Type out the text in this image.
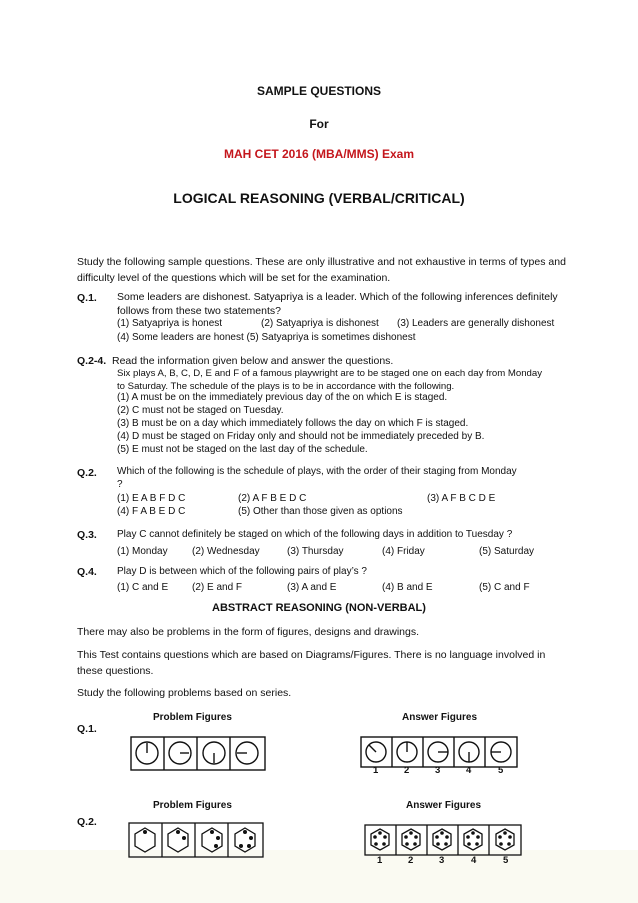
SAMPLE QUESTIONS
For
MAH CET 2016 (MBA/MMS) Exam
LOGICAL REASONING (VERBAL/CRITICAL)
Study the following sample questions. These are only illustrative and not exhaustive in terms of types and difficulty level of the questions which will be set for the examination.
Q.1. Some leaders are dishonest. Satyapriya is a leader. Which of the following inferences definitely follows from these two statements?
(1) Satyapriya is honest	(2) Satyapriya is dishonest (3) Leaders are generally dishonest
(4) Some leaders are honest (5) Satyapriya is sometimes dishonest
Q.2-4. Read the information given below and answer the questions.
Six plays A, B, C, D, E and F of a famous playwright are to be staged one on each day from Monday to Saturday. The schedule of the plays is to be in accordance with the following.
(1) A must be on the immediately previous day of the on which E is staged.
(2) C must not be staged on Tuesday.
(3) B must be on a day which immediately follows the day on which F is staged.
(4) D must be staged on Friday only and should not be immediately preceded by B.
(5) E must not be staged on the last day of the schedule.
Q.2. Which of the following is the schedule of plays, with the order of their staging from Monday ?
(1) E A B F D C	(2) A F B E D C	(3) A F B C D E
(4) F A B E D C	(5) Other than those given as options
Q.3. Play C cannot definitely be staged on which of the following days in addition to Tuesday ?
(1) Monday (2) Wednesday	(3) Thursday	(4) Friday	(5) Saturday
Q.4. Play D is between which of the following pairs of play’s ?
(1) C and E (2) E and F	(3) A and E	(4) B and E	(5) C and F
ABSTRACT REASONING (NON-VERBAL)
There may also be problems in the form of figures, designs and drawings.
This Test contains questions which are based on Diagrams/Figures. There is no language involved in these questions.
Study the following problems based on series.
Problem Figures	Answer Figures
Q.1.
1	2	3	4	5
Problem Figures	Answer Figures
Q.2.
1	2	3	4	5
